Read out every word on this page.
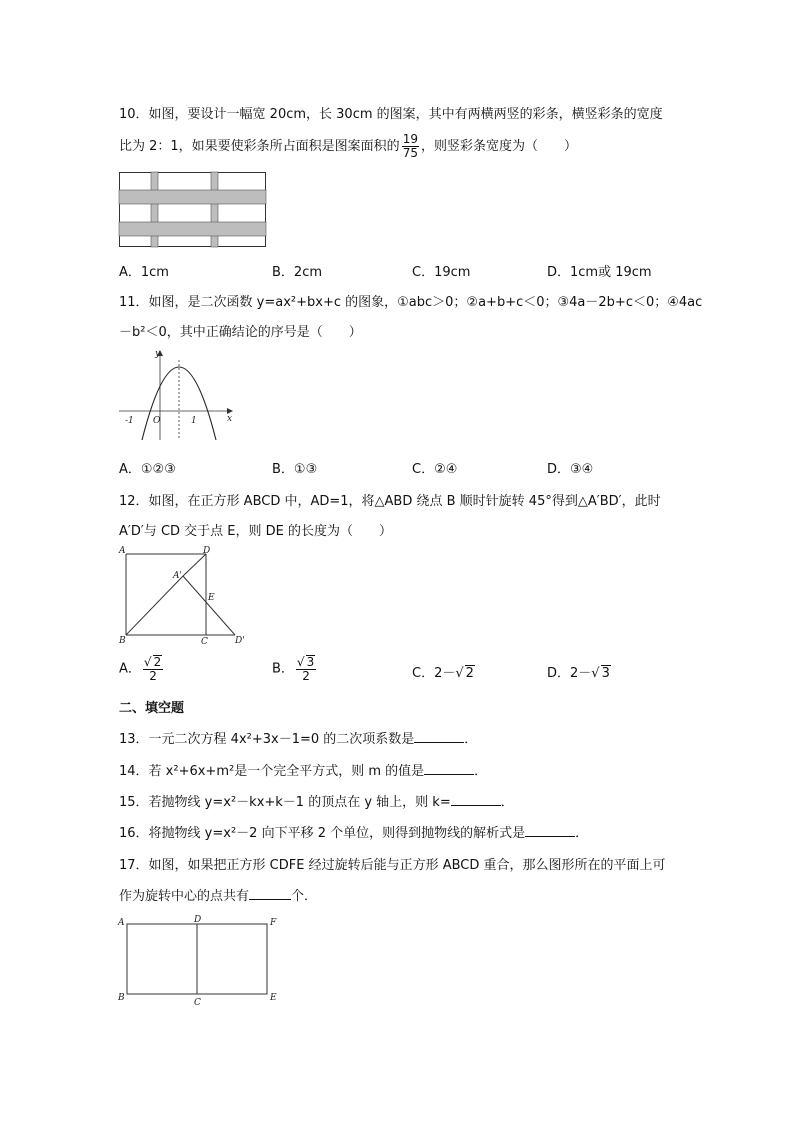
10．如图，要设计一幅宽 20cm，长 30cm 的图案，其中有两横两竖的彩条，横竖彩条的宽度
比为 2：1，如果要使彩条所占面积是图案面积的 $\frac{19}{75}$ ，则竖彩条宽度为（　　）
A．1cm	B．2cm	C．19cm	D．1cm或 19cm
11．如图，是二次函数 y=ax²+bx+c 的图象，①abc＞0；②a+b+c＜0；③4a－2b+c＜0；④4ac
－b²＜0，其中正确结论的序号是（　　）
y
x
O
-1	1
A．①②③	B．①③	C．②④	D．③④
12．如图，在正方形 ABCD 中，AD=1，将△ABD 绕点 B 顺时针旋转 45°得到△A′BD′，此时
A′D′与 CD 交于点 E，则 DE 的长度为（　　）
A	D
A'
E
B	C	D'
A． $\frac{√ 2}{2}$	B． $\frac{√ 3}{2}$	C．2－√ 2	D．2－√ 3
二、填空题
13．一元二次方程 4x²+3x－1=0 的二次项系数是	．
14．若 x²+6x+m²是一个完全平方式，则 m 的值是	．
15．若抛物线 y=x²－kx+k－1 的顶点在 y 轴上，则 k=	．
16．将抛物线 y=x²－2 向下平移 2 个单位，则得到抛物线的解析式是	．
17．如图，如果把正方形 CDFE 经过旋转后能与正方形 ABCD 重合，那么图形所在的平面上可
作为旋转中心的点共有	个．
A	D	F
B	C	E
